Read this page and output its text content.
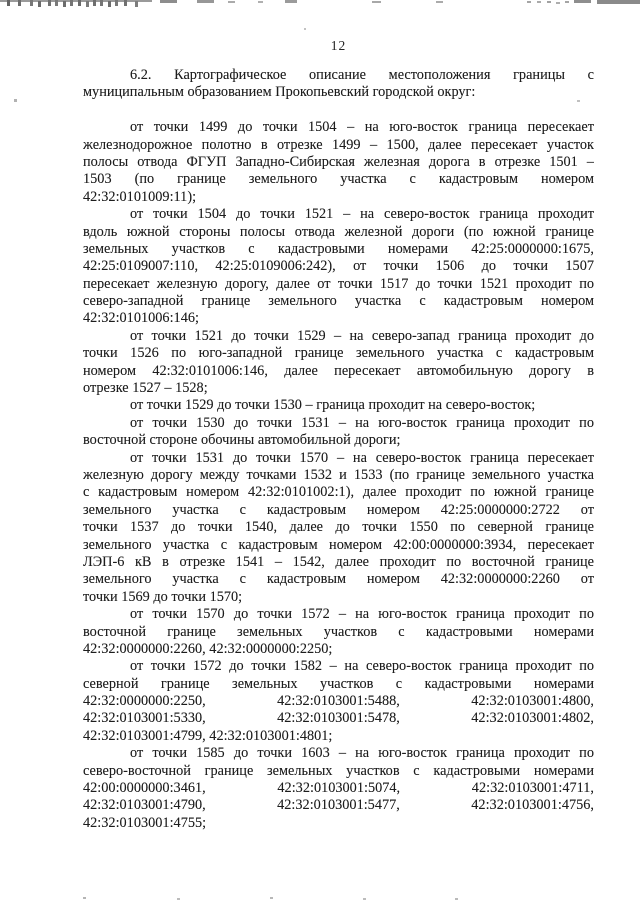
12
6.2. Картографическое описание местоположения границы с
муниципальным образованием Прокопьевский городской округ:
от точки 1499 до точки 1504 – на юго-восток граница пересекает
железнодорожное полотно в отрезке 1499 – 1500, далее пересекает участок
полосы отвода ФГУП Западно-Сибирская железная дорога в отрезке 1501 –
1503 (по границе земельного участка с кадастровым номером
42:32:0101009:11);
от точки 1504 до точки 1521 – на северо-восток граница проходит
вдоль южной стороны полосы отвода железной дороги (по южной границе
земельных участков с кадастровыми номерами 42:25:0000000:1675,
42:25:0109007:110, 42:25:0109006:242), от точки 1506 до точки 1507
пересекает железную дорогу, далее от точки 1517 до точки 1521 проходит по
северо-западной границе земельного участка с кадастровым номером
42:32:0101006:146;
от точки 1521 до точки 1529 – на северо-запад граница проходит до
точки 1526 по юго-западной границе земельного участка с кадастровым
номером 42:32:0101006:146, далее пересекает автомобильную дорогу в
отрезке 1527 – 1528;
от точки 1529 до точки 1530 – граница проходит на северо-восток;
от точки 1530 до точки 1531 – на юго-восток граница проходит по
восточной стороне обочины автомобильной дороги;
от точки 1531 до точки 1570 – на северо-восток граница пересекает
железную дорогу между точками 1532 и 1533 (по границе земельного участка
с кадастровым номером 42:32:0101002:1), далее проходит по южной границе
земельного участка с кадастровым номером 42:25:0000000:2722 от
точки 1537 до точки 1540, далее до точки 1550 по северной границе
земельного участка с кадастровым номером 42:00:0000000:3934, пересекает
ЛЭП-6 кВ в отрезке 1541 – 1542, далее проходит по восточной границе
земельного участка с кадастровым номером 42:32:0000000:2260 от
точки 1569 до точки 1570;
от точки 1570 до точки 1572 – на юго-восток граница проходит по
восточной границе земельных участков с кадастровыми номерами
42:32:0000000:2260, 42:32:0000000:2250;
от точки 1572 до точки 1582 – на северо-восток граница проходит по
северной границе земельных участков с кадастровыми номерами
42:32:0000000:2250, 42:32:0103001:5488, 42:32:0103001:4800,
42:32:0103001:5330, 42:32:0103001:5478, 42:32:0103001:4802,
42:32:0103001:4799, 42:32:0103001:4801;
от точки 1585 до точки 1603 – на юго-восток граница проходит по
северо-восточной границе земельных участков с кадастровыми номерами
42:00:0000000:3461, 42:32:0103001:5074, 42:32:0103001:4711,
42:32:0103001:4790, 42:32:0103001:5477, 42:32:0103001:4756,
42:32:0103001:4755;
